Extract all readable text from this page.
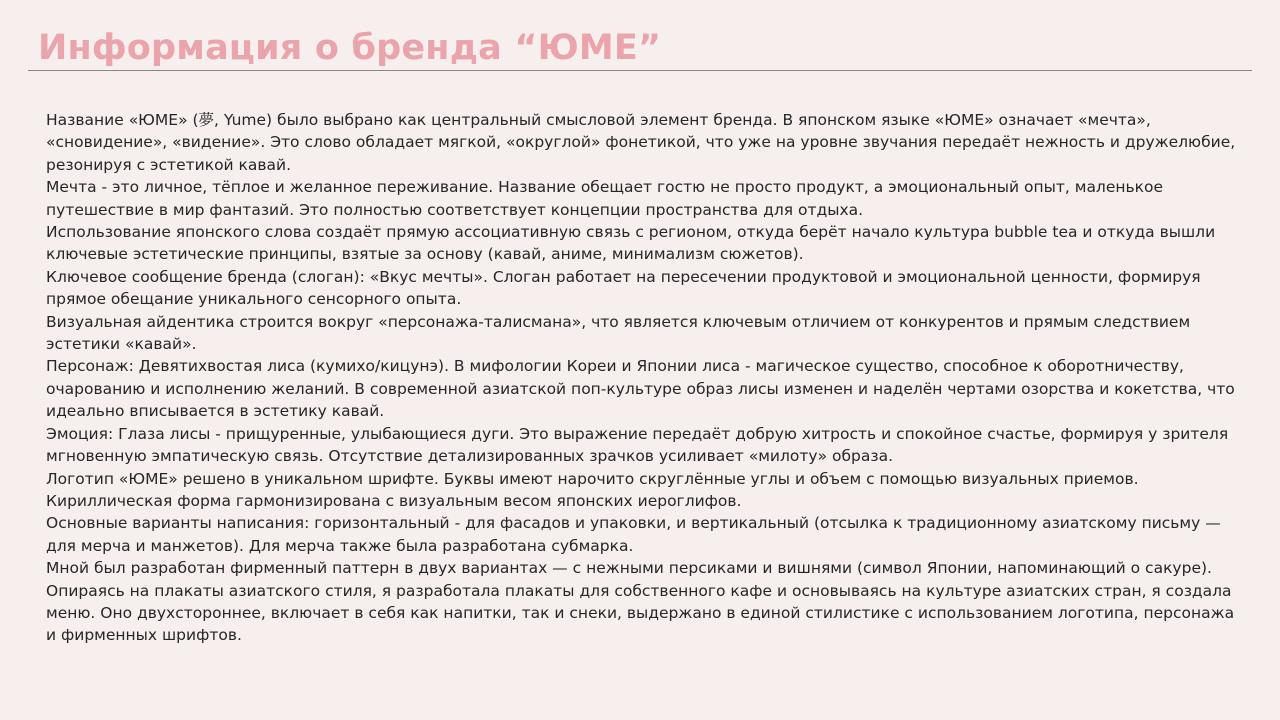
Информация о бренда “ЮМЕ”

Название «ЮМЕ» (夢, Yume) было выбрано как центральный смысловой элемент бренда. В японском языке «ЮМЕ» означает «мечта», «сновидение», «видение». Это слово обладает мягкой, «округлой» фонетикой, что уже на уровне звучания передаёт нежность и дружелюбие, резонируя с эстетикой кавай.

Мечта - это личное, тёплое и желанное переживание. Название обещает гостю не просто продукт, а эмоциональный опыт, маленькое путешествие в мир фантазий. Это полностью соответствует концепции пространства для отдыха.

Использование японского слова создаёт прямую ассоциативную связь с регионом, откуда берёт начало культура bubble tea и откуда вышли ключевые эстетические принципы, взятые за основу (кавай, аниме, минимализм сюжетов).

Ключевое сообщение бренда (слоган): «Вкус мечты». Слоган работает на пересечении продуктовой и эмоциональной ценности, формируя прямое обещание уникального сенсорного опыта.

Визуальная айдентика строится вокруг «персонажа-талисмана», что является ключевым отличием от конкурентов и прямым следствием эстетики «кавай».

Персонаж: Девятихвостая лиса (кумихо/кицунэ). В мифологии Кореи и Японии лиса - магическое существо, способное к оборотничеству, очарованию и исполнению желаний. В современной азиатской поп-культуре образ лисы изменен и наделён чертами озорства и кокетства, что идеально вписывается в эстетику кавай.

Эмоция: Глаза лисы - прищуренные, улыбающиеся дуги. Это выражение передаёт добрую хитрость и спокойное счастье, формируя у зрителя мгновенную эмпатическую связь. Отсутствие детализированных зрачков усиливает «милоту» образа.

Логотип «ЮМЕ» решено в уникальном шрифте. Буквы имеют нарочито скруглённые углы и объем с помощью визуальных приемов. Кириллическая форма гармонизирована с визуальным весом японских иероглифов.

Основные варианты написания: горизонтальный - для фасадов и упаковки, и вертикальный (отсылка к традиционному азиатскому письму — для мерча и манжетов). Для мерча также была разработана субмарка.

Мной был разработан фирменный паттерн в двух вариантах — с нежными персиками и вишнями (символ Японии, напоминающий о сакуре).

Опираясь на плакаты азиатского стиля, я разработала плакаты для собственного кафе и основываясь на культуре азиатских стран, я создала меню. Оно двухстороннее, включает в себя как напитки, так и снеки, выдержано в единой стилистике с использованием логотипа, персонажа и фирменных шрифтов.
